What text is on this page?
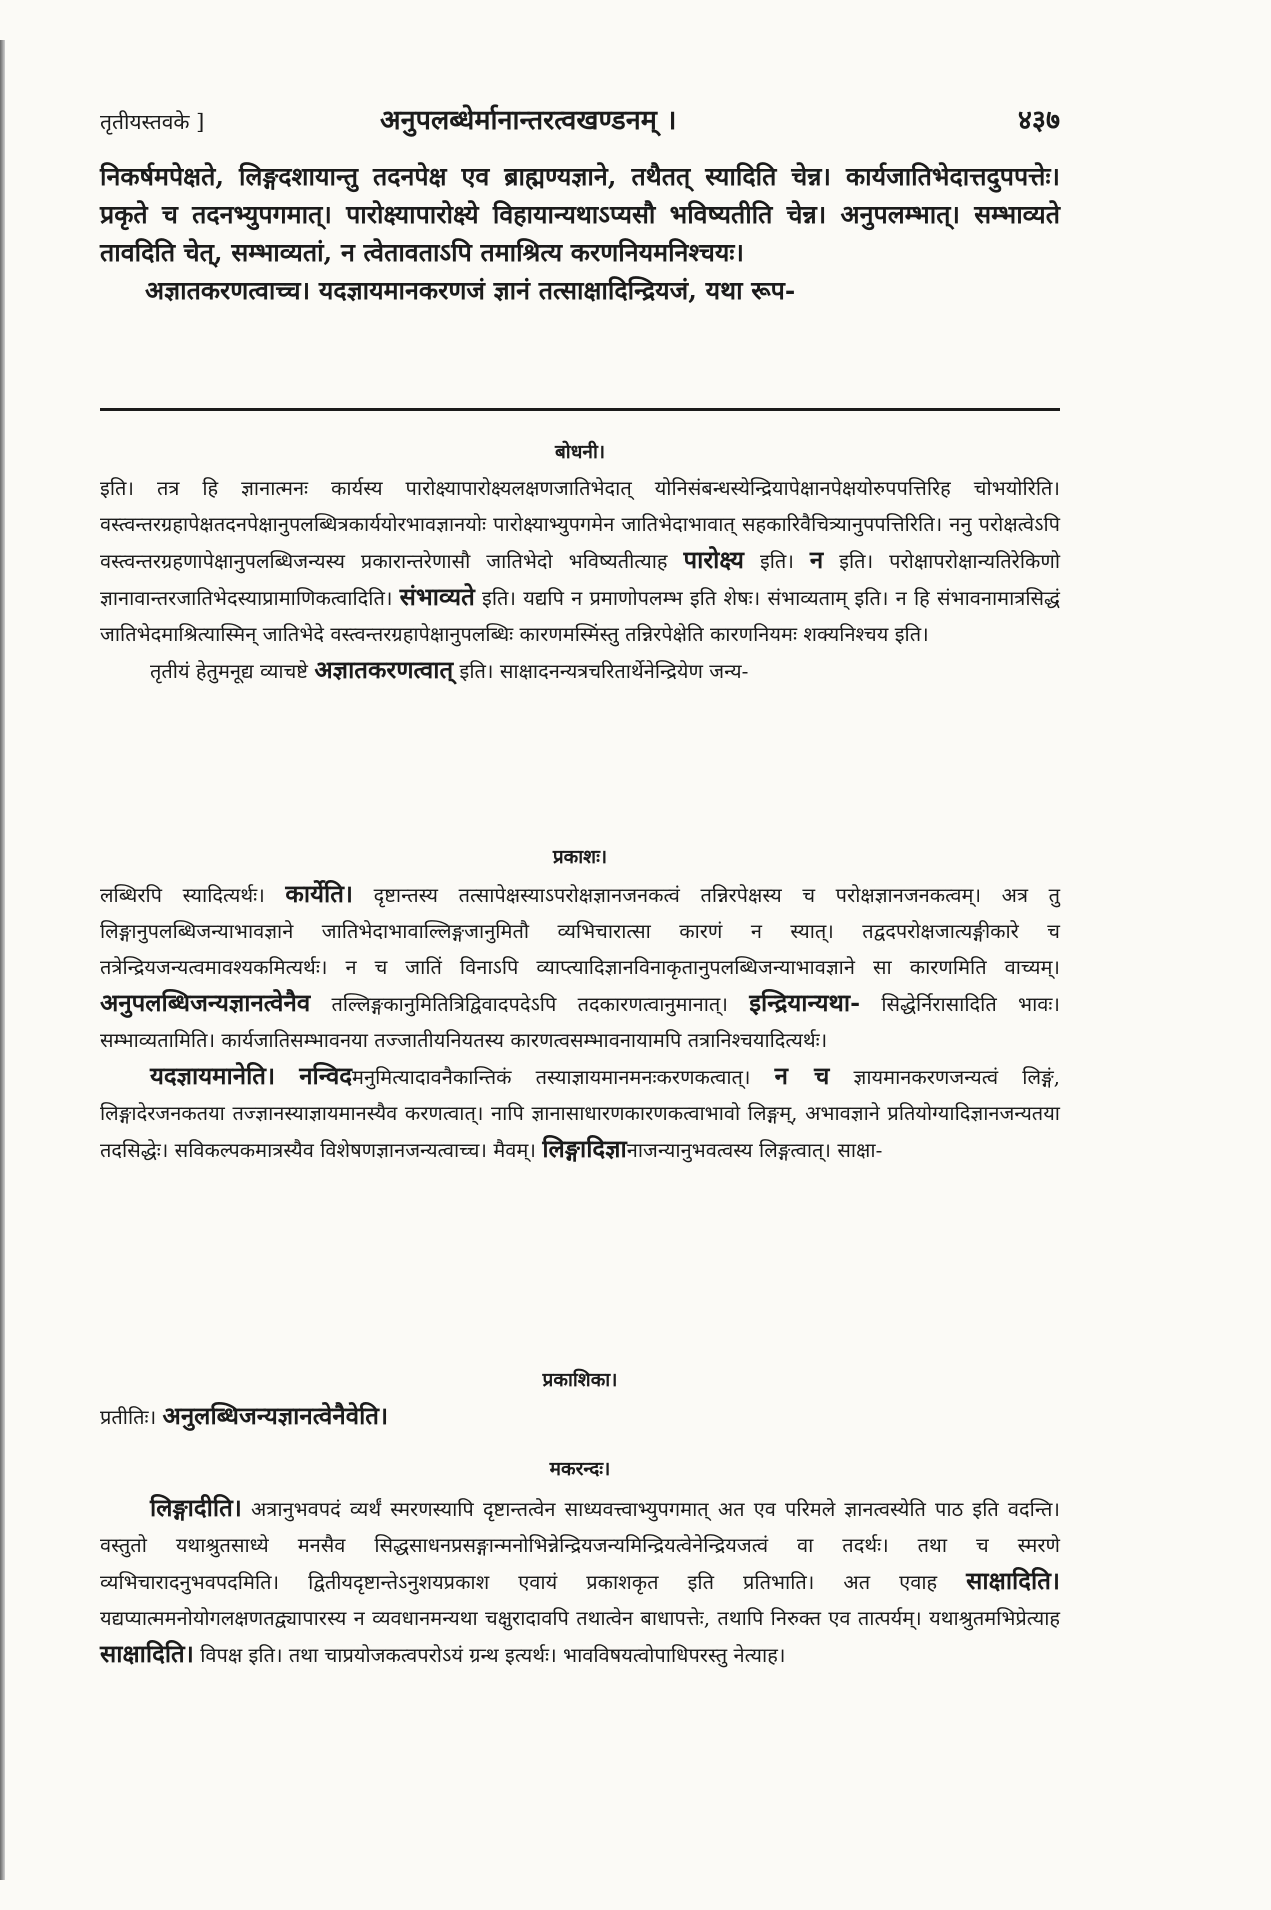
तृतीयस्तवके ]	अनुपलब्धेर्मानान्तरत्वखण्डनम् ।	४३७

निकर्षमपेक्षते, लिङ्गदशायान्तु तदनपेक्ष एव ब्राह्मण्यज्ञाने, तथैतत् स्यादिति चेन्न। कार्यजातिभेदात्तदुपपत्तेः। प्रकृते च तदनभ्युपगमात्। पारोक्ष्यापारोक्ष्ये विहायान्यथाऽप्यसौ भविष्यतीति चेन्न। अनुपलम्भात्। सम्भाव्यते तावदिति चेत्, सम्भाव्यतां, न त्वेतावताऽपि तमाश्रित्य करणनियमनिश्चयः।

अज्ञातकरणत्वाच्च। यदज्ञायमानकरणजं ज्ञानं तत्साक्षादिन्द्रियजं, यथा रूप-

बोधनी।

इति। तत्र हि ज्ञानात्मनः कार्यस्य पारोक्ष्यापारोक्ष्यलक्षणजातिभेदात् योनिसंबन्धस्येन्द्रियापेक्षानपेक्षयोरुपपत्तिरिह चोभयोरिति। वस्त्वन्तरग्रहापेक्षतदनपेक्षानुपलब्धित्रकार्ययोरभावज्ञानयोः पारोक्ष्याभ्युपगमेन जातिभेदाभावात् सहकारिवैचित्र्यानुपपत्तिरिति। ननु परोक्षत्वेऽपि वस्त्वन्तरग्रहणापेक्षानुपलब्धिजन्यस्य प्रकारान्तरेणासौ जातिभेदो भविष्यतीत्याह पारोक्ष्य इति। न इति। परोक्षापरोक्षान्यतिरेकिणो ज्ञानावान्तरजातिभेदस्याप्रामाणिकत्वादिति। संभाव्यते इति। यद्यपि न प्रमाणोपलम्भ इति शेषः। संभाव्यताम् इति। न हि संभावनामात्रसिद्धं जातिभेदमाश्रित्यास्मिन् जातिभेदे वस्त्वन्तरग्रहापेक्षानुपलब्धिः कारणमस्मिंस्तु तन्निरपेक्षेति कारणनियमः शक्यनिश्चय इति।

तृतीयं हेतुमनूद्य व्याचष्टे अज्ञातकरणत्वात् इति। साक्षादनन्यत्रचरितार्थेनेन्द्रियेण जन्य-

प्रकाशः।

लब्धिरपि स्यादित्यर्थः। कार्येति। दृष्टान्तस्य तत्सापेक्षस्याऽपरोक्षज्ञानजनकत्वं तन्निरपेक्षस्य च परोक्षज्ञानजनकत्वम्। अत्र तु लिङ्गानुपलब्धिजन्याभावज्ञाने जातिभेदाभावाल्लिङ्गजानुमितौ व्यभिचारात्सा कारणं न स्यात्। तद्वदपरोक्षजात्यङ्गीकारे च तत्रेन्द्रियजन्यत्वमावश्यकमित्यर्थः। न च जातिं विनाऽपि व्याप्त्यादिज्ञानविनाकृतानुपलब्धिजन्याभावज्ञाने सा कारणमिति वाच्यम्। अनुपलब्धिजन्यज्ञानत्वेनैव तल्लिङ्गकानुमितित्रिद्विवादपदेऽपि तदकारणत्वानुमानात्। इन्द्रियान्यथा- सिद्धेर्निरासादिति भावः। सम्भाव्यतामिति। कार्यजातिसम्भावनया तज्जातीयनियतस्य कारणत्वसम्भावनायामपि तत्रानिश्चयादित्यर्थः।

यदज्ञायमानेति। नन्विदमनुमित्यादावनैकान्तिकं तस्याज्ञायमानमनःकरणकत्वात्। न च ज्ञायमानकरणजन्यत्वं लिङ्गं, लिङ्गादेरजनकतया तज्ज्ञानस्याज्ञायमानस्यैव करणत्वात्। नापि ज्ञानासाधारणकारणकत्वाभावो लिङ्गम्, अभावज्ञाने प्रतियोग्यादिज्ञानजन्यतया तदसिद्धेः। सविकल्पकमात्रस्यैव विशेषणज्ञानजन्यत्वाच्च। मैवम्। लिङ्गादिज्ञानाजन्यानुभवत्वस्य लिङ्गत्वात्। साक्षा-

प्रकाशिका।

प्रतीतिः। अनुलब्धिजन्यज्ञानत्वेनैवेति।

मकरन्दः।

लिङ्गादीति। अत्रानुभवपदं व्यर्थं स्मरणस्यापि दृष्टान्तत्वेन साध्यवत्त्वाभ्युपगमात् अत एव परिमले ज्ञानत्वस्येति पाठ इति वदन्ति। वस्तुतो यथाश्रुतसाध्ये मनसैव सिद्धसाधनप्रसङ्गान्मनोभिन्नेन्द्रियजन्यमिन्द्रियत्वेनेन्द्रियजत्वं वा तदर्थः। तथा च स्मरणे व्यभिचारादनुभवपदमिति। द्वितीयदृष्टान्तेऽनुशयप्रकाश एवायं प्रकाशकृत इति प्रतिभाति। अत एवाह साक्षादिति। यद्यप्यात्ममनोयोगलक्षणतद्व्यापारस्य न व्यवधानमन्यथा चक्षुरादावपि तथात्वेन बाधापत्तेः, तथापि निरुक्त एव तात्पर्यम्। यथाश्रुतमभिप्रेत्याह साक्षादिति। विपक्ष इति। तथा चाप्रयोजकत्वपरोऽयं ग्रन्थ इत्यर्थः। भावविषयत्वोपाधिपरस्तु नेत्याह।
